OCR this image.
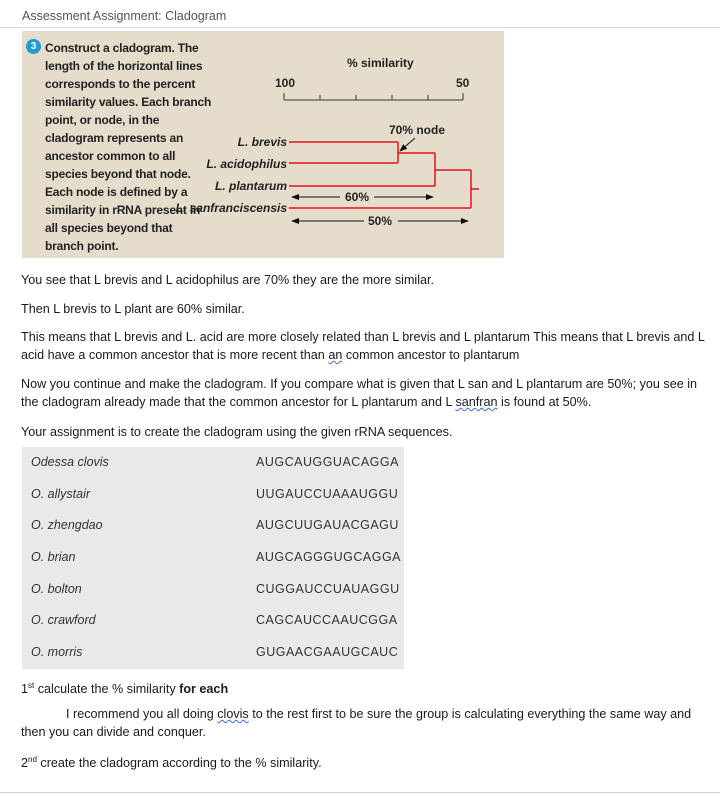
Assessment Assignment: Cladogram
3 Construct a cladogram. The length of the horizontal lines corresponds to the percent similarity values. Each branch point, or node, in the cladogram represents an ancestor common to all species beyond that node. Each node is defined by a similarity in rRNA present in all species beyond that branch point.
% similarity
100	50
70% node
60%
50%
L. brevis
L. acidophilus
L. plantarum
L. sanfranciscensis
You see that L brevis and L acidophilus are 70% they are the more similar.
Then L brevis to L plant are 60% similar.
This means that L brevis and L. acid are more closely related than L brevis and L plantarum This means that L brevis and L acid have a common ancestor that is more recent than an common ancestor to plantarum
Now you continue and make the cladogram. If you compare what is given that L san and L plantarum are 50%; you see in the cladogram already made that the common ancestor for L plantarum and L sanfran is found at 50%.
Your assignment is to create the cladogram using the given rRNA sequences.
Odessa clovis	AUGCAUGGUACAGGA
O. allystair	UUGAUCCUAAAUGGU
O. zhengdao	AUGCUUGAUACGAGU
O. brian	AUGCAGGGUGCAGGA
O. bolton	CUGGAUCCUAUAGGU
O. crawford	CAGCAUCCAAUCGGA
O. morris	GUGAACGAAUGCAUC
1st calculate the % similarity for each
I recommend you all doing clovis to the rest first to be sure the group is calculating everything the same way and then you can divide and conquer.
2nd create the cladogram according to the % similarity.
